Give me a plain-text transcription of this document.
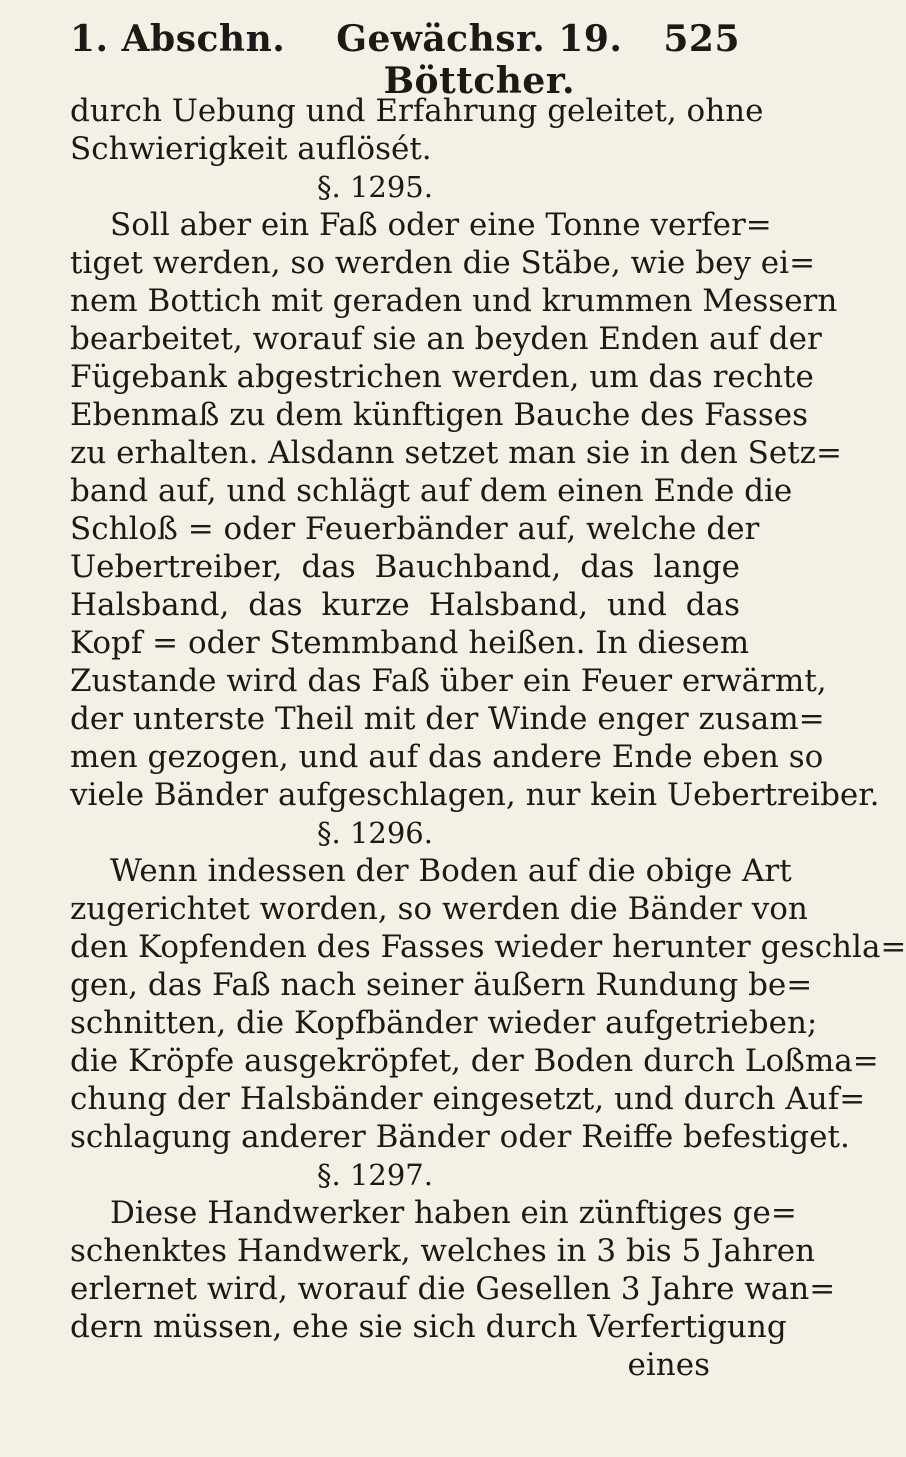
1. Abschn.	Gewächsr. 19. Böttcher.
525
durch Uebung und Erfahrung geleitet, ohne
Schwierigkeit auflösét.
§. 1295.
Soll aber ein Faß oder eine Tonne verfer=
tiget werden, so werden die Stäbe, wie bey ei=
nem Bottich mit geraden und krummen Messern
bearbeitet, worauf sie an beyden Enden auf der
Fügebank abgestrichen werden, um das rechte
Ebenmaß zu dem künftigen Bauche des Fasses
zu erhalten. Alsdann setzet man sie in den Setz=
band auf, und schlägt auf dem einen Ende die
Schloß = oder Feuerbänder auf, welche der
Uebertreiber, das Bauchband, das lange
Halsband, das kurze Halsband, und das
Kopf = oder Stemmband heißen. In diesem
Zustande wird das Faß über ein Feuer erwärmt,
der unterste Theil mit der Winde enger zusam=
men gezogen, und auf das andere Ende eben so
viele Bänder aufgeschlagen, nur kein Uebertreiber.
§. 1296.
Wenn indessen der Boden auf die obige Art
zugerichtet worden, so werden die Bänder von
den Kopfenden des Fasses wieder herunter geschla=
gen, das Faß nach seiner äußern Rundung be=
schnitten, die Kopfbänder wieder aufgetrieben;
die Kröpfe ausgekröpfet, der Boden durch Loßma=
chung der Halsbänder eingesetzt, und durch Auf=
schlagung anderer Bänder oder Reiffe befestiget.
§. 1297.
Diese Handwerker haben ein zünftiges ge=
schenktes Handwerk, welches in 3 bis 5 Jahren
erlernet wird, worauf die Gesellen 3 Jahre wan=
dern müssen, ehe sie sich durch Verfertigung
eines
